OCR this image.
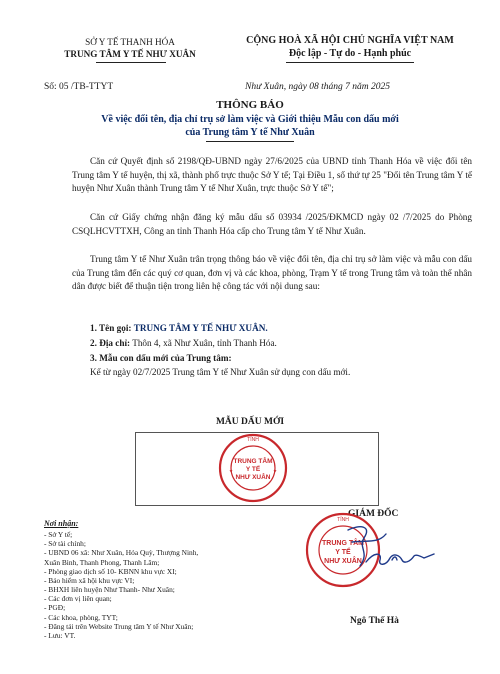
SỞ Y TẾ THANH HÓA
TRUNG TÂM Y TẾ NHƯ XUÂN
CỘNG HOÀ XÃ HỘI CHỦ NGHĨA VIỆT NAM
Độc lập - Tự do - Hạnh phúc
Số: 05 /TB-TTYT	Như Xuân, ngày 08 tháng 7 năm 2025
THÔNG BÁO
Về việc đổi tên, địa chỉ trụ sở làm việc và Giới thiệu Mẫu con dấu mới
của Trung tâm Y tế Như Xuân
Căn cứ Quyết định số 2198/QĐ-UBND ngày 27/6/2025 của UBND tỉnh Thanh Hóa về việc đổi tên Trung tâm Y tế huyện, thị xã, thành phố trực thuộc Sở Y tế; Tại Điều 1, số thứ tự 25 "Đổi tên Trung tâm Y tế huyện Như Xuân thành Trung tâm Y tế Như Xuân, trực thuộc Sở Y tế";
Căn cứ Giấy chứng nhận đăng ký mẫu dấu số 03934 /2025/ĐKMCD ngày 02 /7/2025 do Phòng CSQLHCVTTXH, Công an tỉnh Thanh Hóa cấp cho Trung tâm Y tế Như Xuân.
Trung tâm Y tế Như Xuân trân trọng thông báo về việc đổi tên, địa chỉ trụ sở làm việc và mẫu con dấu của Trung tâm đến các quý cơ quan, đơn vị và các khoa, phòng, Trạm Y tế trong Trung tâm và toàn thể nhân dân được biết để thuận tiện trong liên hệ công tác với nội dung sau:
1. Tên gọi: TRUNG TÂM Y TẾ NHƯ XUÂN.
2. Địa chỉ: Thôn 4, xã Như Xuân, tỉnh Thanh Hóa.
3. Mẫu con dấu mới của Trung tâm:
Kể từ ngày 02/7/2025 Trung tâm Y tế Như Xuân sử dụng con dấu mới.
MẪU DẤU MỚI
TỈNH
TRUNG TÂM
Y TẾ
NHƯ XUÂN
★	★
Nơi nhận:
- Sở Y tế;
- Sở tài chính;
- UBND 06 xã: Như Xuân, Hóa Quỳ, Thượng Ninh,
Xuân Bình, Thanh Phong, Thanh Lâm;
- Phòng giao dịch số 10- KBNN khu vực XI;
- Bảo hiểm xã hội khu vực VI;
- BHXH liên huyện Như Thanh- Như Xuân;
- Các đơn vị liên quan;
- PGĐ;
- Các khoa, phòng, TYT;
- Đăng tải trên Website Trung tâm Y tế Như Xuân;
- Lưu: VT.
GIÁM ĐỐC
TỈNH
TRUNG TÂM
Y TẾ
NHƯ XUÂN
Ngô Thế Hà
